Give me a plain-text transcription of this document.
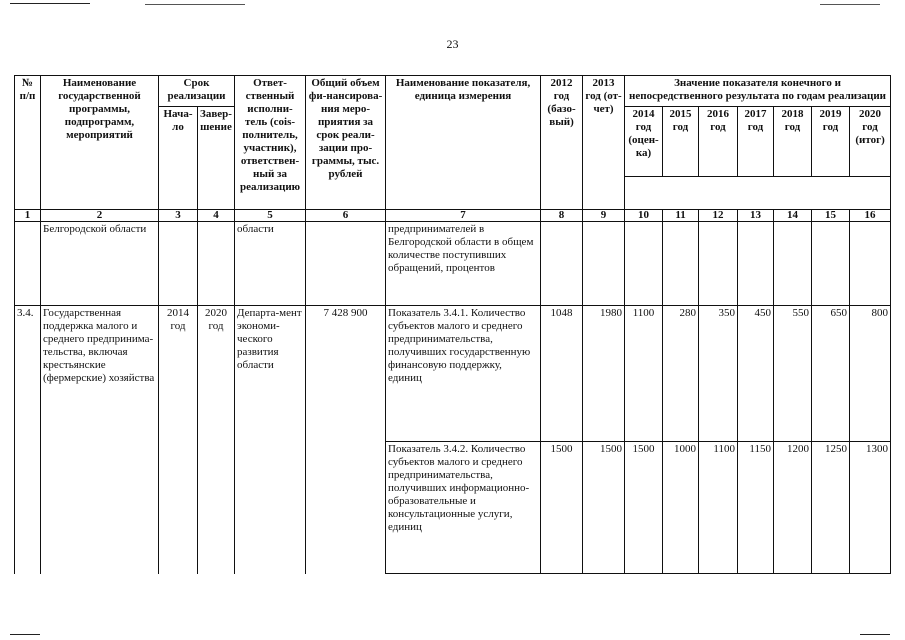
23
№ п/п	Наименование государственной программы, подпрограмм, мероприятий	Срок реализации		Ответ-ственный исполни-тель (сois-полнитель, участник), ответствен-ный за реализацию	Общий объем фи-нансирова-ния меро-приятия за срок реали-зации про-граммы, тыс. рублей	Наименование показателя, единица измерения	2012 год (базо-вый)	2013 год (от-чет)	Значение показателя конечного и непосредственного результата по годам реализации						
		Нача-ло	Завер-шение						2014 год (оцен-ка)	2015 год	2016 год	2017 год	2018 год	2019 год	2020 год (итог)

1	2	3	4	5	6	7	8	9	10	11	12	13	14	15	16
	Белгородской области			области		предпринимателей в Белгородской области в общем количестве поступивших обращений, процентов									
3.4.	Государственная поддержка малого и среднего предпринима-тельства, включая крестьянские (фермерские) хозяйства	2014 год	2020 год	Департа-мент экономи-ческого развития области	7 428 900	Показатель 3.4.1. Количество субъектов малого и среднего предпринимательства, получивших государственную финансовую поддержку, единиц	1048	1980	1100	280	350	450	550	650	800
						Показатель 3.4.2. Количество субъектов малого и среднего предпринимательства, получивших информационно-образовательные и консультационные услуги, единиц	1500	1500	1500	1000	1100	1150	1200	1250	1300
